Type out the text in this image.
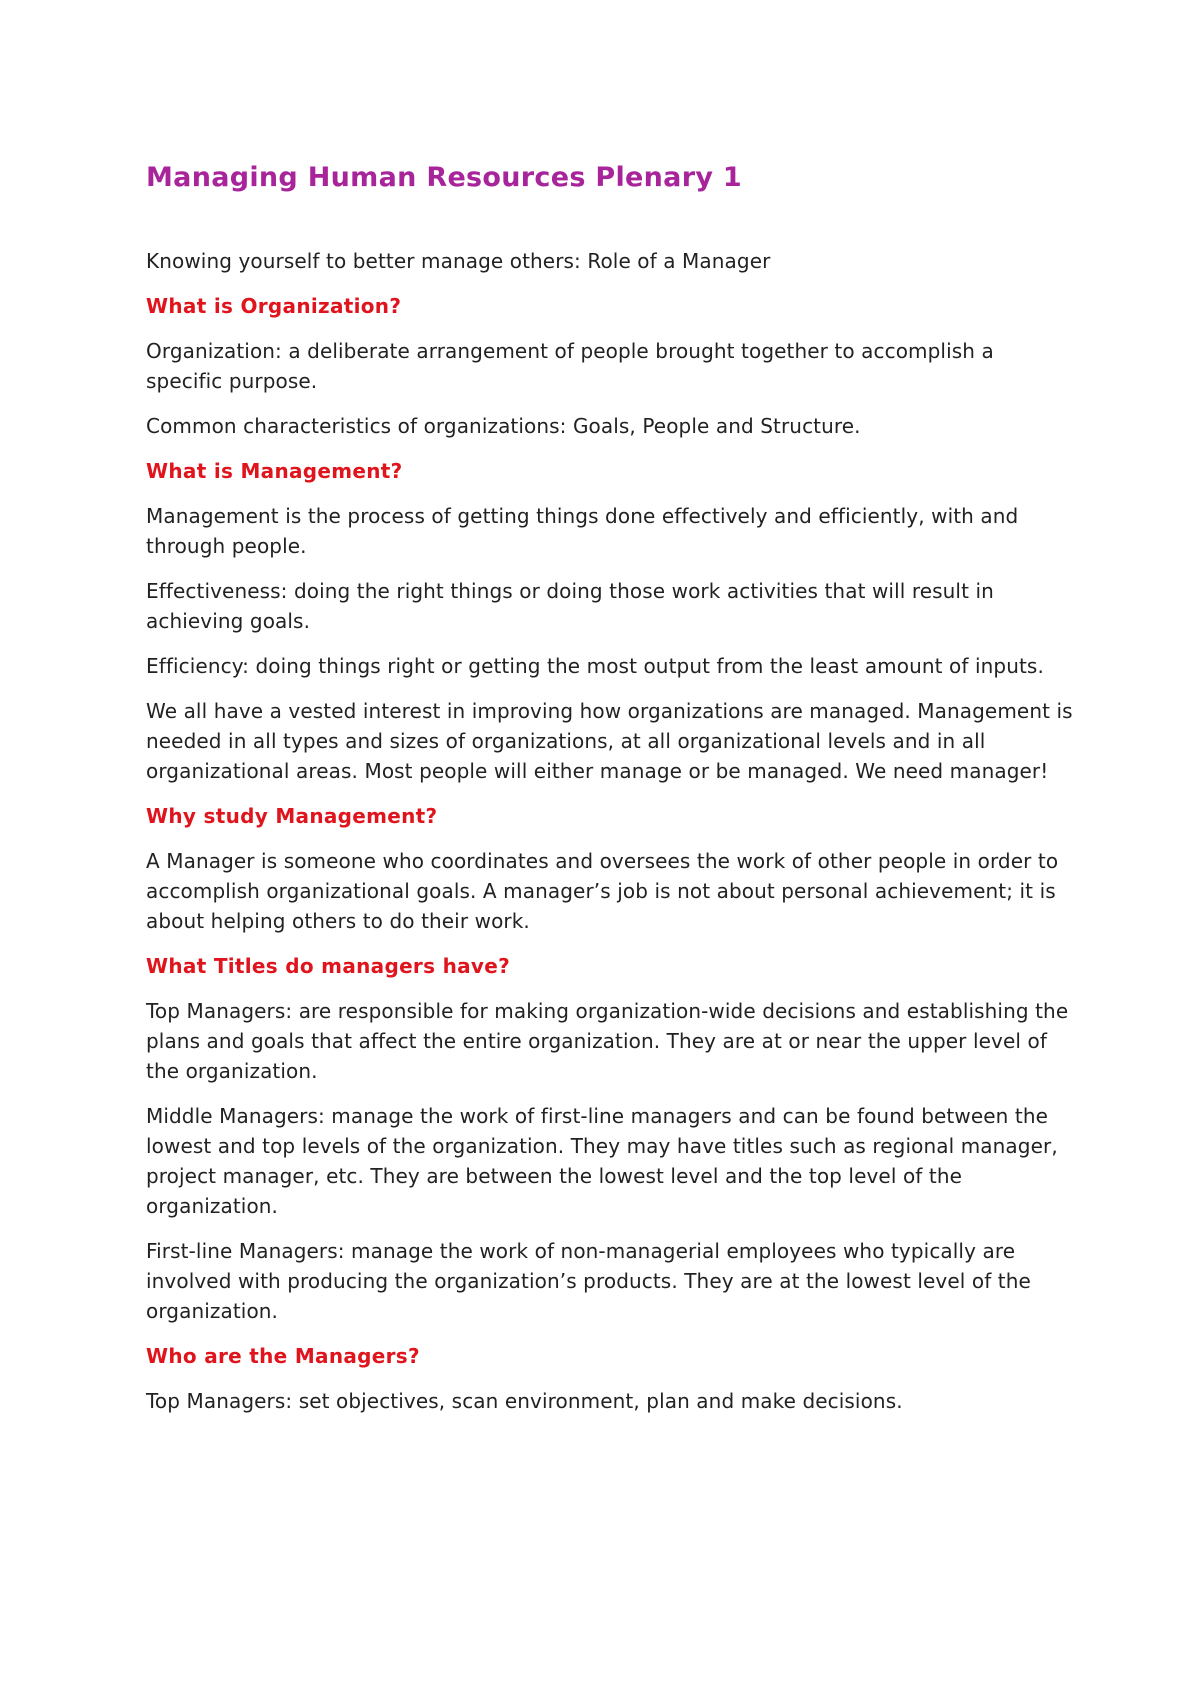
Managing Human Resources Plenary 1

Knowing yourself to better manage others: Role of a Manager

What is Organization?

Organization: a deliberate arrangement of people brought together to accomplish a specific purpose.

Common characteristics of organizations: Goals, People and Structure.

What is Management?

Management is the process of getting things done effectively and efficiently, with and through people.

Effectiveness: doing the right things or doing those work activities that will result in achieving goals.

Efficiency: doing things right or getting the most output from the least amount of inputs.

We all have a vested interest in improving how organizations are managed. Management is needed in all types and sizes of organizations, at all organizational levels and in all organizational areas. Most people will either manage or be managed. We need manager!

Why study Management?

A Manager is someone who coordinates and oversees the work of other people in order to accomplish organizational goals. A manager’s job is not about personal achievement; it is about helping others to do their work.

What Titles do managers have?

Top Managers: are responsible for making organization-wide decisions and establishing the plans and goals that affect the entire organization. They are at or near the upper level of the organization.

Middle Managers: manage the work of first-line managers and can be found between the lowest and top levels of the organization. They may have titles such as regional manager, project manager, etc. They are between the lowest level and the top level of the organization.

First-line Managers: manage the work of non-managerial employees who typically are involved with producing the organization’s products. They are at the lowest level of the organization.

Who are the Managers?

Top Managers: set objectives, scan environment, plan and make decisions.
